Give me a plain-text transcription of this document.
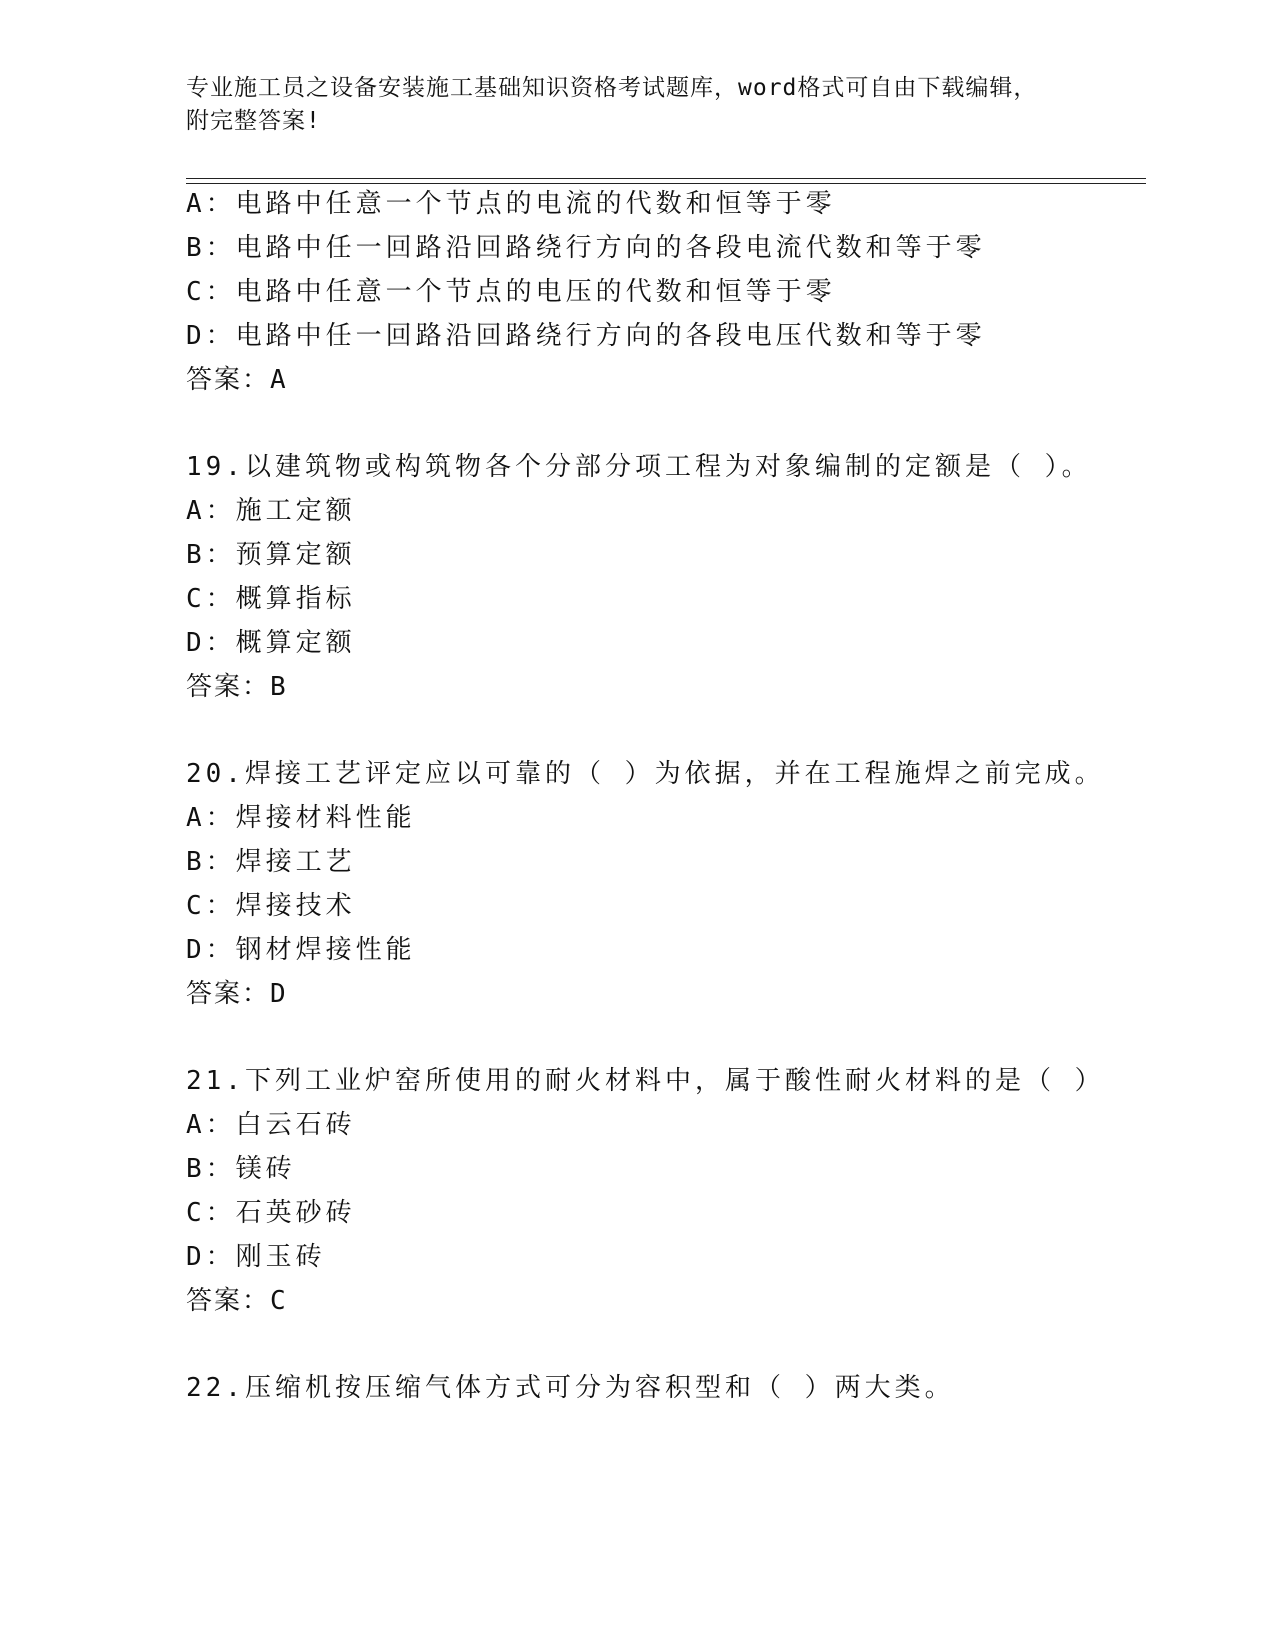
专业施工员之设备安装施工基础知识资格考试题库，word格式可自由下载编辑，
附完整答案!
A：电路中任意一个节点的电流的代数和恒等于零
B：电路中任一回路沿回路绕行方向的各段电流代数和等于零
C：电路中任意一个节点的电压的代数和恒等于零
D：电路中任一回路沿回路绕行方向的各段电压代数和等于零
答案：A
19.以建筑物或构筑物各个分部分项工程为对象编制的定额是（ ）。
A：施工定额
B：预算定额
C：概算指标
D：概算定额
答案：B
20.焊接工艺评定应以可靠的（ ）为依据，并在工程施焊之前完成。
A：焊接材料性能
B：焊接工艺
C：焊接技术
D：钢材焊接性能
答案：D
21.下列工业炉窑所使用的耐火材料中，属于酸性耐火材料的是（ ）
A：白云石砖
B：镁砖
C：石英砂砖
D：刚玉砖
答案：C
22.压缩机按压缩气体方式可分为容积型和（ ）两大类。
